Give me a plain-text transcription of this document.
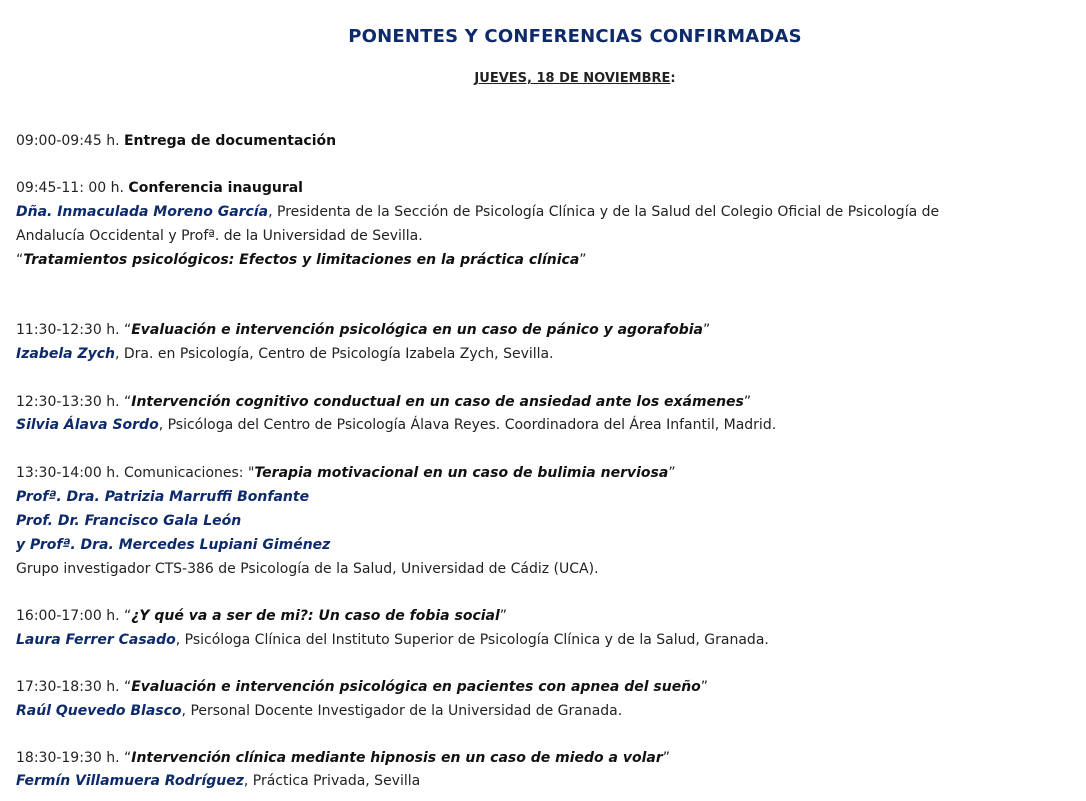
PONENTES Y CONFERENCIAS CONFIRMADAS
JUEVES, 18 DE NOVIEMBRE:
09:00-09:45 h. Entrega de documentación
09:45-11: 00 h. Conferencia inaugural
Dña. Inmaculada Moreno García, Presidenta de la Sección de Psicología Clínica y de la Salud del Colegio Oficial de Psicología de
Andalucía Occidental y Profª. de la Universidad de Sevilla.
“Tratamientos psicológicos: Efectos y limitaciones en la práctica clínica”
11:30-12:30 h. “Evaluación e intervención psicológica en un caso de pánico y agorafobia”
Izabela Zych, Dra. en Psicología, Centro de Psicología Izabela Zych, Sevilla.
12:30-13:30 h. “Intervención cognitivo conductual en un caso de ansiedad ante los exámenes”
Silvia Álava Sordo, Psicóloga del Centro de Psicología Álava Reyes. Coordinadora del Área Infantil, Madrid.
13:30-14:00 h. Comunicaciones: "Terapia motivacional en un caso de bulimia nerviosa”
Profª. Dra. Patrizia Marruffi Bonfante
Prof. Dr. Francisco Gala León
y Profª. Dra. Mercedes Lupiani Giménez
Grupo investigador CTS-386 de Psicología de la Salud, Universidad de Cádiz (UCA).
16:00-17:00 h. “¿Y qué va a ser de mi?: Un caso de fobia social”
Laura Ferrer Casado, Psicóloga Clínica del Instituto Superior de Psicología Clínica y de la Salud, Granada.
17:30-18:30 h. “Evaluación e intervención psicológica en pacientes con apnea del sueño”
Raúl Quevedo Blasco, Personal Docente Investigador de la Universidad de Granada.
18:30-19:30 h. “Intervención clínica mediante hipnosis en un caso de miedo a volar”
Fermín Villamuera Rodríguez, Práctica Privada, Sevilla
